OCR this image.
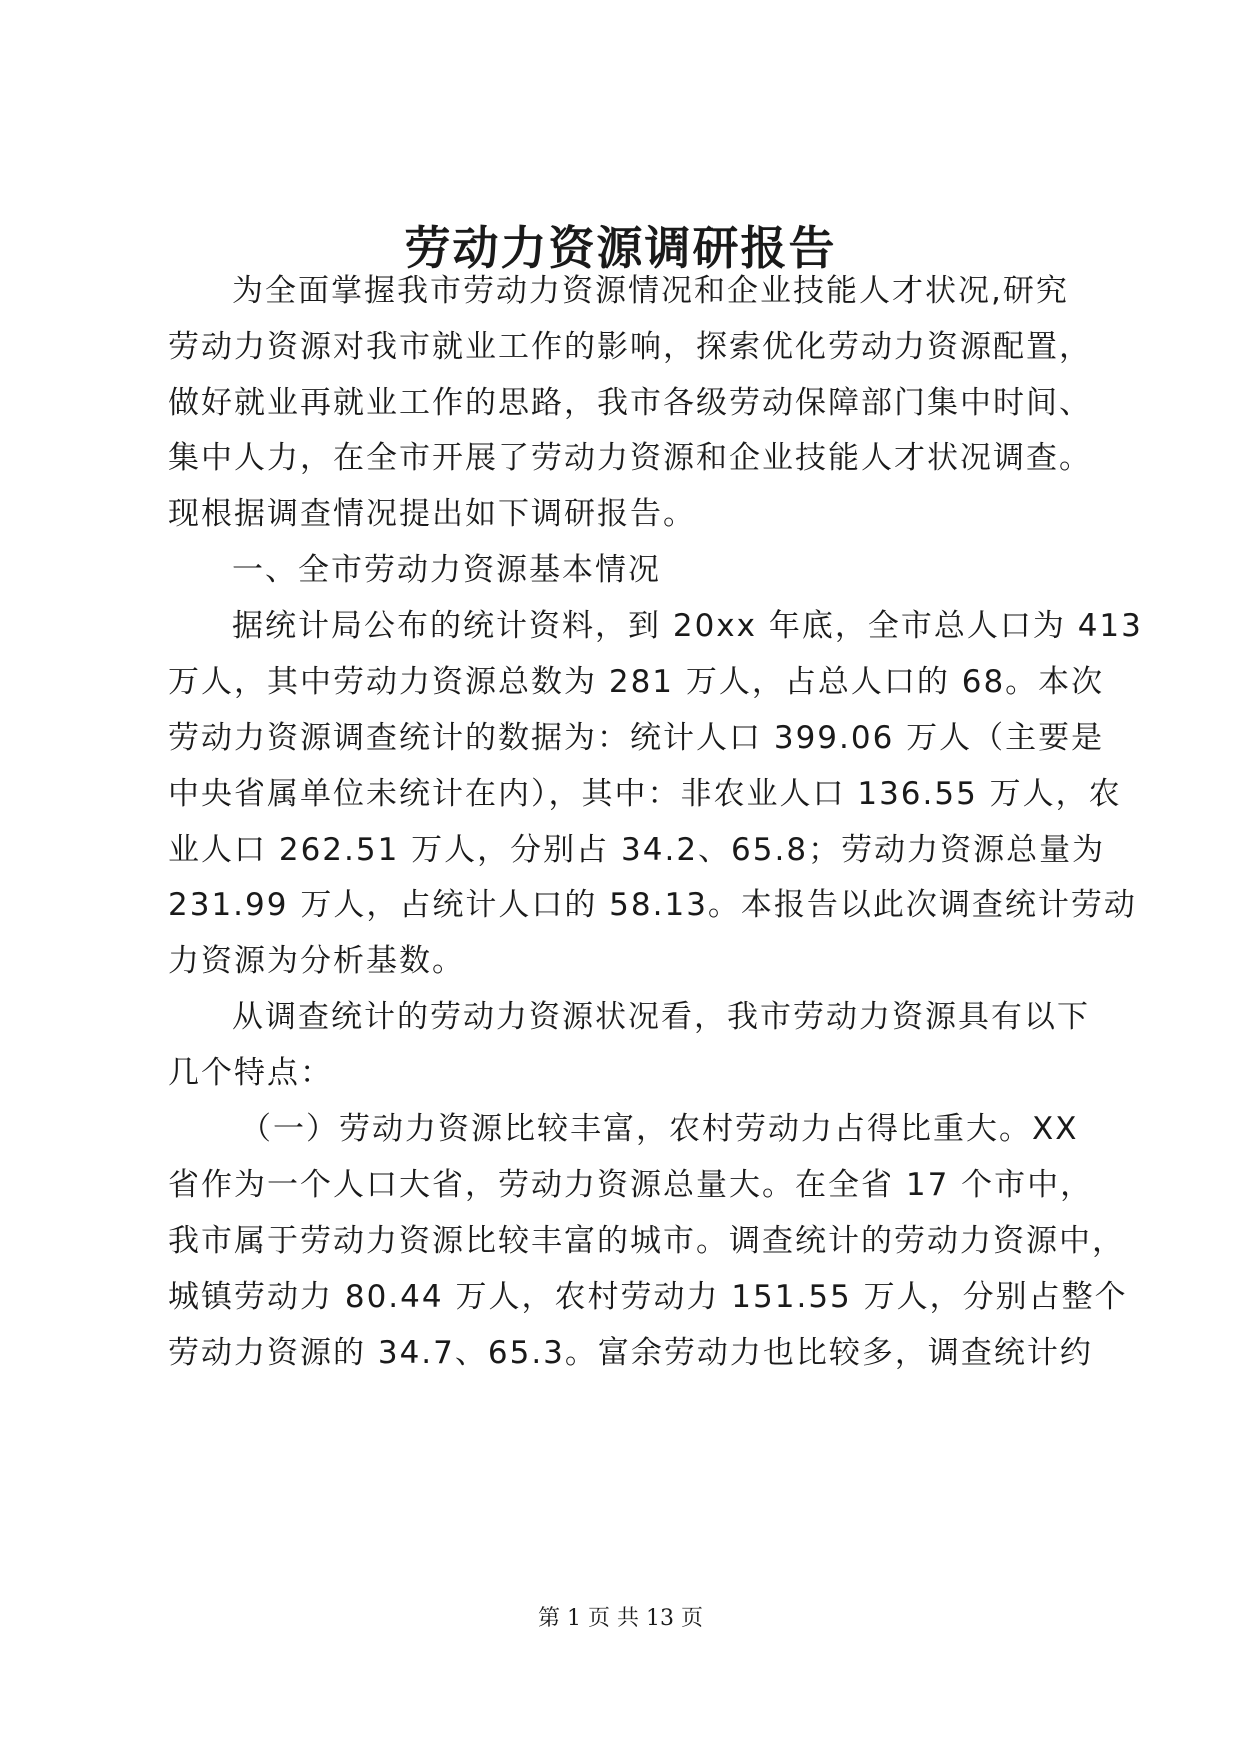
劳动力资源调研报告

为全面掌握我市劳动力资源情况和企业技能人才状况,研究

劳动力资源对我市就业工作的影响，探索优化劳动力资源配置，

做好就业再就业工作的思路，我市各级劳动保障部门集中时间、

集中人力，在全市开展了劳动力资源和企业技能人才状况调查。

现根据调查情况提出如下调研报告。

一、全市劳动力资源基本情况

据统计局公布的统计资料，到 20xx 年底，全市总人口为 413

万人，其中劳动力资源总数为 281 万人，占总人口的 68。本次

劳动力资源调查统计的数据为：统计人口 399.06 万人（主要是

中央省属单位未统计在内），其中：非农业人口 136.55 万人，农

业人口 262.51 万人，分别占 34.2、65.8；劳动力资源总量为

231.99 万人，占统计人口的 58.13。本报告以此次调查统计劳动

力资源为分析基数。

从调查统计的劳动力资源状况看，我市劳动力资源具有以下

几个特点：

（一）劳动力资源比较丰富，农村劳动力占得比重大。XX

省作为一个人口大省，劳动力资源总量大。在全省 17 个市中，

我市属于劳动力资源比较丰富的城市。调查统计的劳动力资源中，

城镇劳动力 80.44 万人，农村劳动力 151.55 万人，分别占整个

劳动力资源的 34.7、65.3。富余劳动力也比较多，调查统计约

第 1 页 共 13 页
